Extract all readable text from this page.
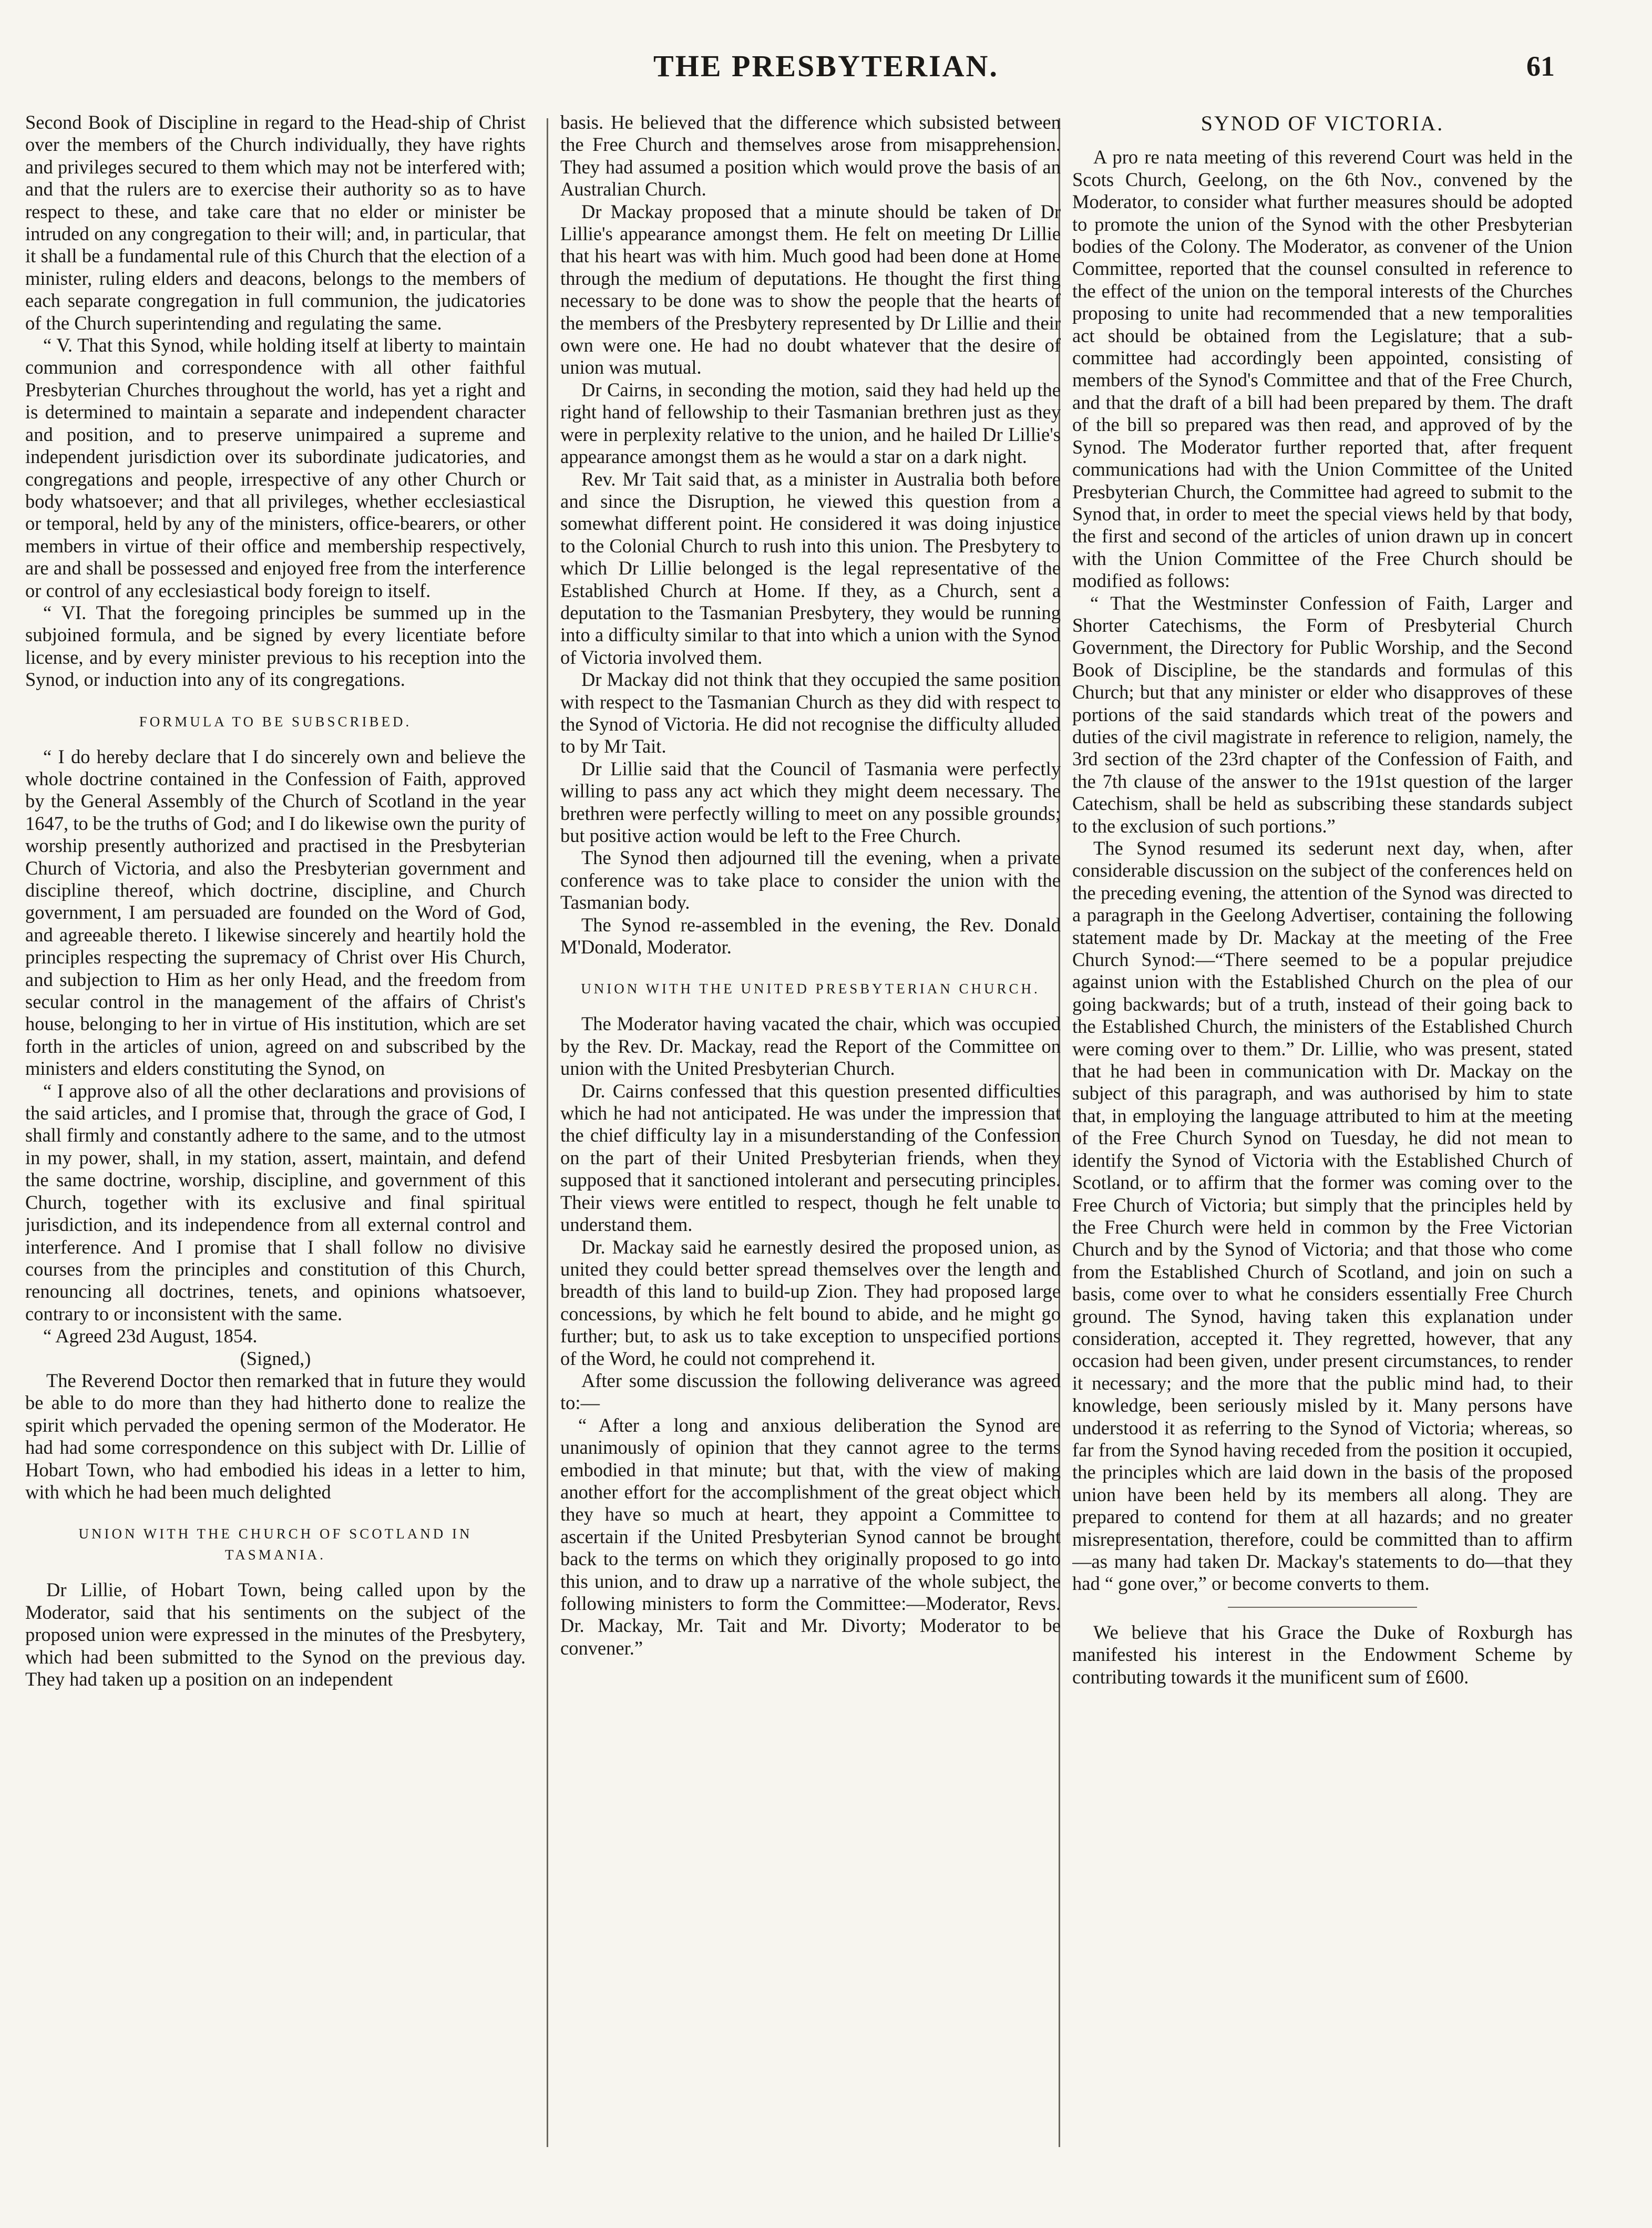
THE PRESBYTERIAN.	61

Second Book of Discipline in regard to the Head-ship of Christ over the members of the Church individually, they have rights and privileges secured to them which may not be interfered with; and that the rulers are to exercise their authority so as to have respect to these, and take care that no elder or minister be intruded on any congregation to their will; and, in particular, that it shall be a fundamental rule of this Church that the election of a minister, ruling elders and deacons, belongs to the members of each separate congregation in full communion, the judicatories of the Church superintending and regulating the same.

“ V. That this Synod, while holding itself at liberty to maintain communion and correspondence with all other faithful Presbyterian Churches throughout the world, has yet a right and is determined to maintain a separate and independent character and position, and to preserve unimpaired a supreme and independent jurisdiction over its subordinate judicatories, and congregations and people, irrespective of any other Church or body whatsoever; and that all privileges, whether ecclesiastical or temporal, held by any of the ministers, office-bearers, or other members in virtue of their office and membership respectively, are and shall be possessed and enjoyed free from the interference or control of any ecclesiastical body foreign to itself.

“ VI. That the foregoing principles be summed up in the subjoined formula, and be signed by every licentiate before license, and by every minister previous to his reception into the Synod, or induction into any of its congregations.

FORMULA TO BE SUBSCRIBED.

“ I do hereby declare that I do sincerely own and believe the whole doctrine contained in the Confession of Faith, approved by the General Assembly of the Church of Scotland in the year 1647, to be the truths of God; and I do likewise own the purity of worship presently authorized and practised in the Presbyterian Church of Victoria, and also the Presbyterian government and discipline thereof, which doctrine, discipline, and Church government, I am persuaded are founded on the Word of God, and agreeable thereto. I likewise sincerely and heartily hold the principles respecting the supremacy of Christ over His Church, and subjection to Him as her only Head, and the freedom from secular control in the management of the affairs of Christ's house, belonging to her in virtue of His institution, which are set forth in the articles of union, agreed on and subscribed by the ministers and elders constituting the Synod, on

“ I approve also of all the other declarations and provisions of the said articles, and I promise that, through the grace of God, I shall firmly and constantly adhere to the same, and to the utmost in my power, shall, in my station, assert, maintain, and defend the same doctrine, worship, discipline, and government of this Church, together with its exclusive and final spiritual jurisdiction, and its independence from all external control and interference. And I promise that I shall follow no divisive courses from the principles and constitution of this Church, renouncing all doctrines, tenets, and opinions whatsoever, contrary to or inconsistent with the same.

“ Agreed 23d August, 1854.

(Signed,)

The Reverend Doctor then remarked that in future they would be able to do more than they had hitherto done to realize the spirit which pervaded the opening sermon of the Moderator. He had had some correspondence on this subject with Dr. Lillie of Hobart Town, who had embodied his ideas in a letter to him, with which he had been much delighted

UNION WITH THE CHURCH OF SCOTLAND IN TASMANIA.

Dr Lillie, of Hobart Town, being called upon by the Moderator, said that his sentiments on the subject of the proposed union were expressed in the minutes of the Presbytery, which had been submitted to the Synod on the previous day. They had taken up a position on an independent

basis. He believed that the difference which subsisted between the Free Church and themselves arose from misapprehension. They had assumed a position which would prove the basis of an Australian Church.

Dr Mackay proposed that a minute should be taken of Dr Lillie's appearance amongst them. He felt on meeting Dr Lillie that his heart was with him. Much good had been done at Home through the medium of deputations. He thought the first thing necessary to be done was to show the people that the hearts of the members of the Presbytery represented by Dr Lillie and their own were one. He had no doubt whatever that the desire of union was mutual.

Dr Cairns, in seconding the motion, said they had held up the right hand of fellowship to their Tasmanian brethren just as they were in perplexity relative to the union, and he hailed Dr Lillie's appearance amongst them as he would a star on a dark night.

Rev. Mr Tait said that, as a minister in Australia both before and since the Disruption, he viewed this question from a somewhat different point. He considered it was doing injustice to the Colonial Church to rush into this union. The Presbytery to which Dr Lillie belonged is the legal representative of the Established Church at Home. If they, as a Church, sent a deputation to the Tasmanian Presbytery, they would be running into a difficulty similar to that into which a union with the Synod of Victoria involved them.

Dr Mackay did not think that they occupied the same position with respect to the Tasmanian Church as they did with respect to the Synod of Victoria. He did not recognise the difficulty alluded to by Mr Tait.

Dr Lillie said that the Council of Tasmania were perfectly willing to pass any act which they might deem necessary. The brethren were perfectly willing to meet on any possible grounds; but positive action would be left to the Free Church.

The Synod then adjourned till the evening, when a private conference was to take place to consider the union with the Tasmanian body.

The Synod re-assembled in the evening, the Rev. Donald M'Donald, Moderator.

UNION WITH THE UNITED PRESBYTERIAN CHURCH.

The Moderator having vacated the chair, which was occupied by the Rev. Dr. Mackay, read the Report of the Committee on union with the United Presbyterian Church.

Dr. Cairns confessed that this question presented difficulties which he had not anticipated. He was under the impression that the chief difficulty lay in a misunderstanding of the Confession on the part of their United Presbyterian friends, when they supposed that it sanctioned intolerant and persecuting principles. Their views were entitled to respect, though he felt unable to understand them.

Dr. Mackay said he earnestly desired the proposed union, as united they could better spread themselves over the length and breadth of this land to build-up Zion. They had proposed large concessions, by which he felt bound to abide, and he might go further; but, to ask us to take exception to unspecified portions of the Word, he could not comprehend it.

After some discussion the following deliverance was agreed to:—

“ After a long and anxious deliberation the Synod are unanimously of opinion that they cannot agree to the terms embodied in that minute; but that, with the view of making another effort for the accomplishment of the great object which they have so much at heart, they appoint a Committee to ascertain if the United Presbyterian Synod cannot be brought back to the terms on which they originally proposed to go into this union, and to draw up a narrative of the whole subject, the following ministers to form the Committee:—Moderator, Revs. Dr. Mackay, Mr. Tait and Mr. Divorty; Moderator to be convener.”

SYNOD OF VICTORIA.

A pro re nata meeting of this reverend Court was held in the Scots Church, Geelong, on the 6th Nov., convened by the Moderator, to consider what further measures should be adopted to promote the union of the Synod with the other Presbyterian bodies of the Colony. The Moderator, as convener of the Union Committee, reported that the counsel consulted in reference to the effect of the union on the temporal interests of the Churches proposing to unite had recommended that a new temporalities act should be obtained from the Legislature; that a sub-committee had accordingly been appointed, consisting of members of the Synod's Committee and that of the Free Church, and that the draft of a bill had been prepared by them. The draft of the bill so prepared was then read, and approved of by the Synod. The Moderator further reported that, after frequent communications had with the Union Committee of the United Presbyterian Church, the Committee had agreed to submit to the Synod that, in order to meet the special views held by that body, the first and second of the articles of union drawn up in concert with the Union Committee of the Free Church should be modified as follows:

“ That the Westminster Confession of Faith, Larger and Shorter Catechisms, the Form of Presbyterial Church Government, the Directory for Public Worship, and the Second Book of Discipline, be the standards and formulas of this Church; but that any minister or elder who disapproves of these portions of the said standards which treat of the powers and duties of the civil magistrate in reference to religion, namely, the 3rd section of the 23rd chapter of the Confession of Faith, and the 7th clause of the answer to the 191st question of the larger Catechism, shall be held as subscribing these standards subject to the exclusion of such portions.”

The Synod resumed its sederunt next day, when, after considerable discussion on the subject of the conferences held on the preceding evening, the attention of the Synod was directed to a paragraph in the Geelong Advertiser, containing the following statement made by Dr. Mackay at the meeting of the Free Church Synod:—“There seemed to be a popular prejudice against union with the Established Church on the plea of our going backwards; but of a truth, instead of their going back to the Established Church, the ministers of the Established Church were coming over to them.” Dr. Lillie, who was present, stated that he had been in communication with Dr. Mackay on the subject of this paragraph, and was authorised by him to state that, in employing the language attributed to him at the meeting of the Free Church Synod on Tuesday, he did not mean to identify the Synod of Victoria with the Established Church of Scotland, or to affirm that the former was coming over to the Free Church of Victoria; but simply that the principles held by the Free Church were held in common by the Free Victorian Church and by the Synod of Victoria; and that those who come from the Established Church of Scotland, and join on such a basis, come over to what he considers essentially Free Church ground. The Synod, having taken this explanation under consideration, accepted it. They regretted, however, that any occasion had been given, under present circumstances, to render it necessary; and the more that the public mind had, to their knowledge, been seriously misled by it. Many persons have understood it as referring to the Synod of Victoria; whereas, so far from the Synod having receded from the position it occupied, the principles which are laid down in the basis of the proposed union have been held by its members all along. They are prepared to contend for them at all hazards; and no greater misrepresentation, therefore, could be committed than to affirm—as many had taken Dr. Mackay's statements to do—that they had “ gone over,” or become converts to them.

We believe that his Grace the Duke of Roxburgh has manifested his interest in the Endowment Scheme by contributing towards it the munificent sum of £600.
